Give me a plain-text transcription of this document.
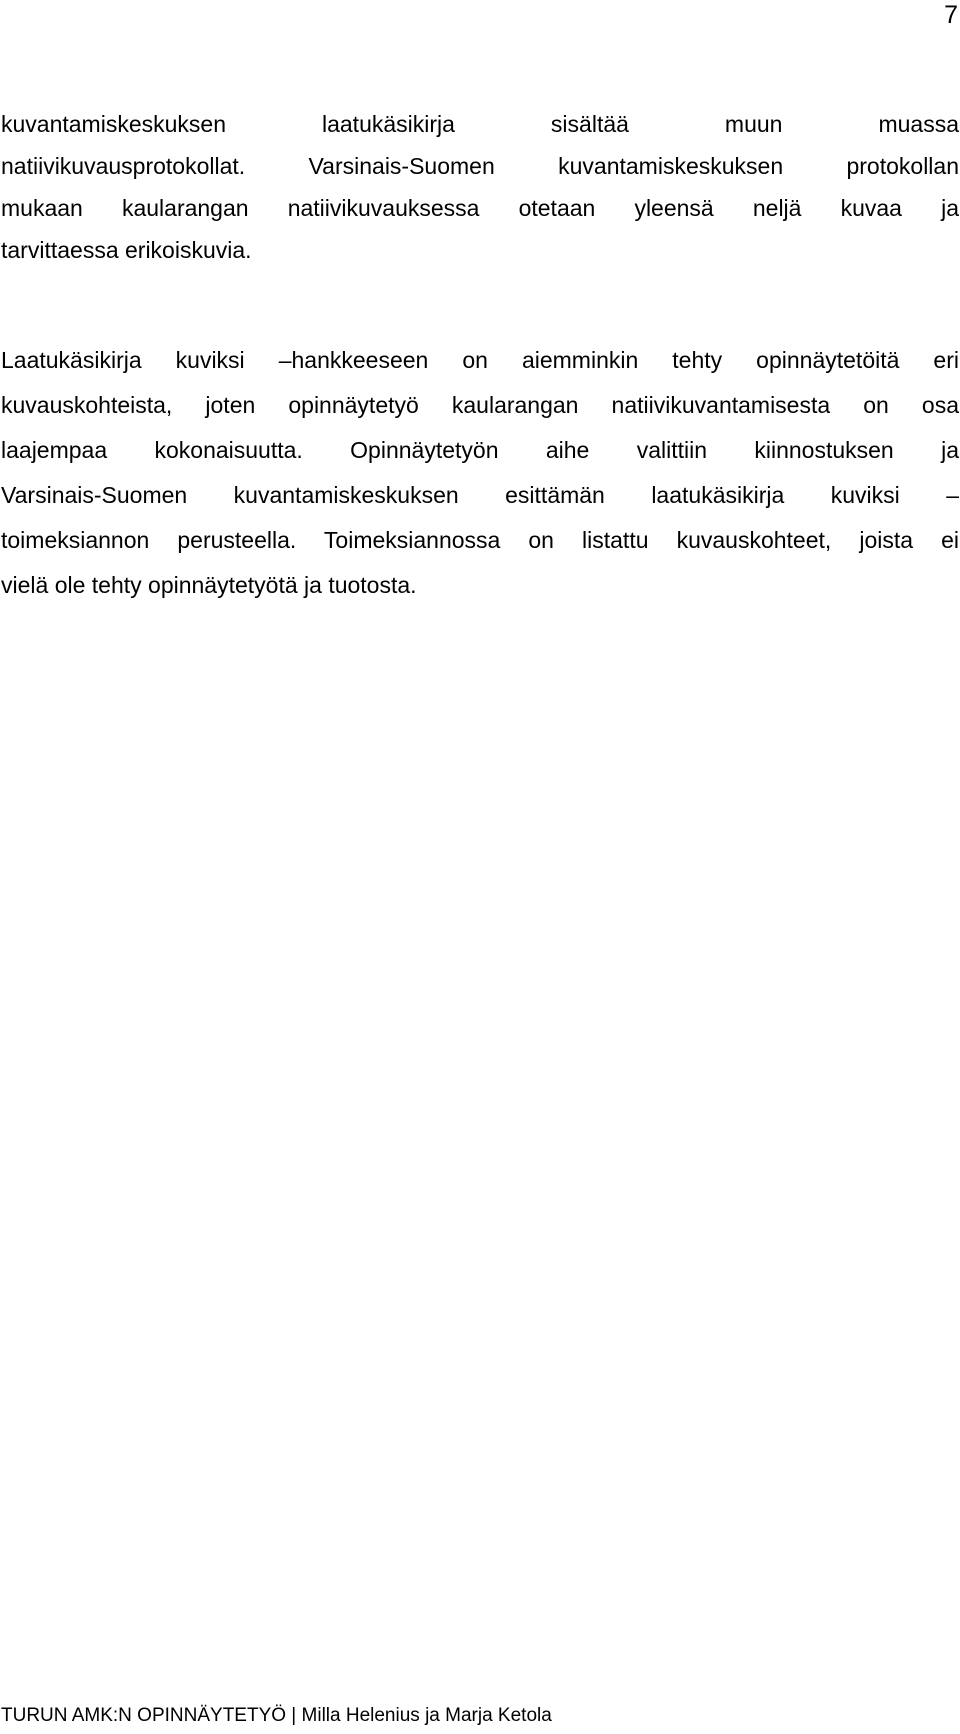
7
kuvantamiskeskuksen laatukäsikirja sisältää muun muassa
natiivikuvausprotokollat. Varsinais-Suomen kuvantamiskeskuksen protokollan
mukaan kaularangan natiivikuvauksessa otetaan yleensä neljä kuvaa ja
tarvittaessa erikoiskuvia.
Laatukäsikirja kuviksi –hankkeeseen on aiemminkin tehty opinnäytetöitä eri
kuvauskohteista, joten opinnäytetyö kaularangan natiivikuvantamisesta on osa
laajempaa kokonaisuutta. Opinnäytetyön aihe valittiin kiinnostuksen ja
Varsinais-Suomen kuvantamiskeskuksen esittämän laatukäsikirja kuviksi –
toimeksiannon perusteella. Toimeksiannossa on listattu kuvauskohteet, joista ei
vielä ole tehty opinnäytetyötä ja tuotosta.
TURUN AMK:N OPINNÄYTETYÖ | Milla Helenius ja Marja Ketola
